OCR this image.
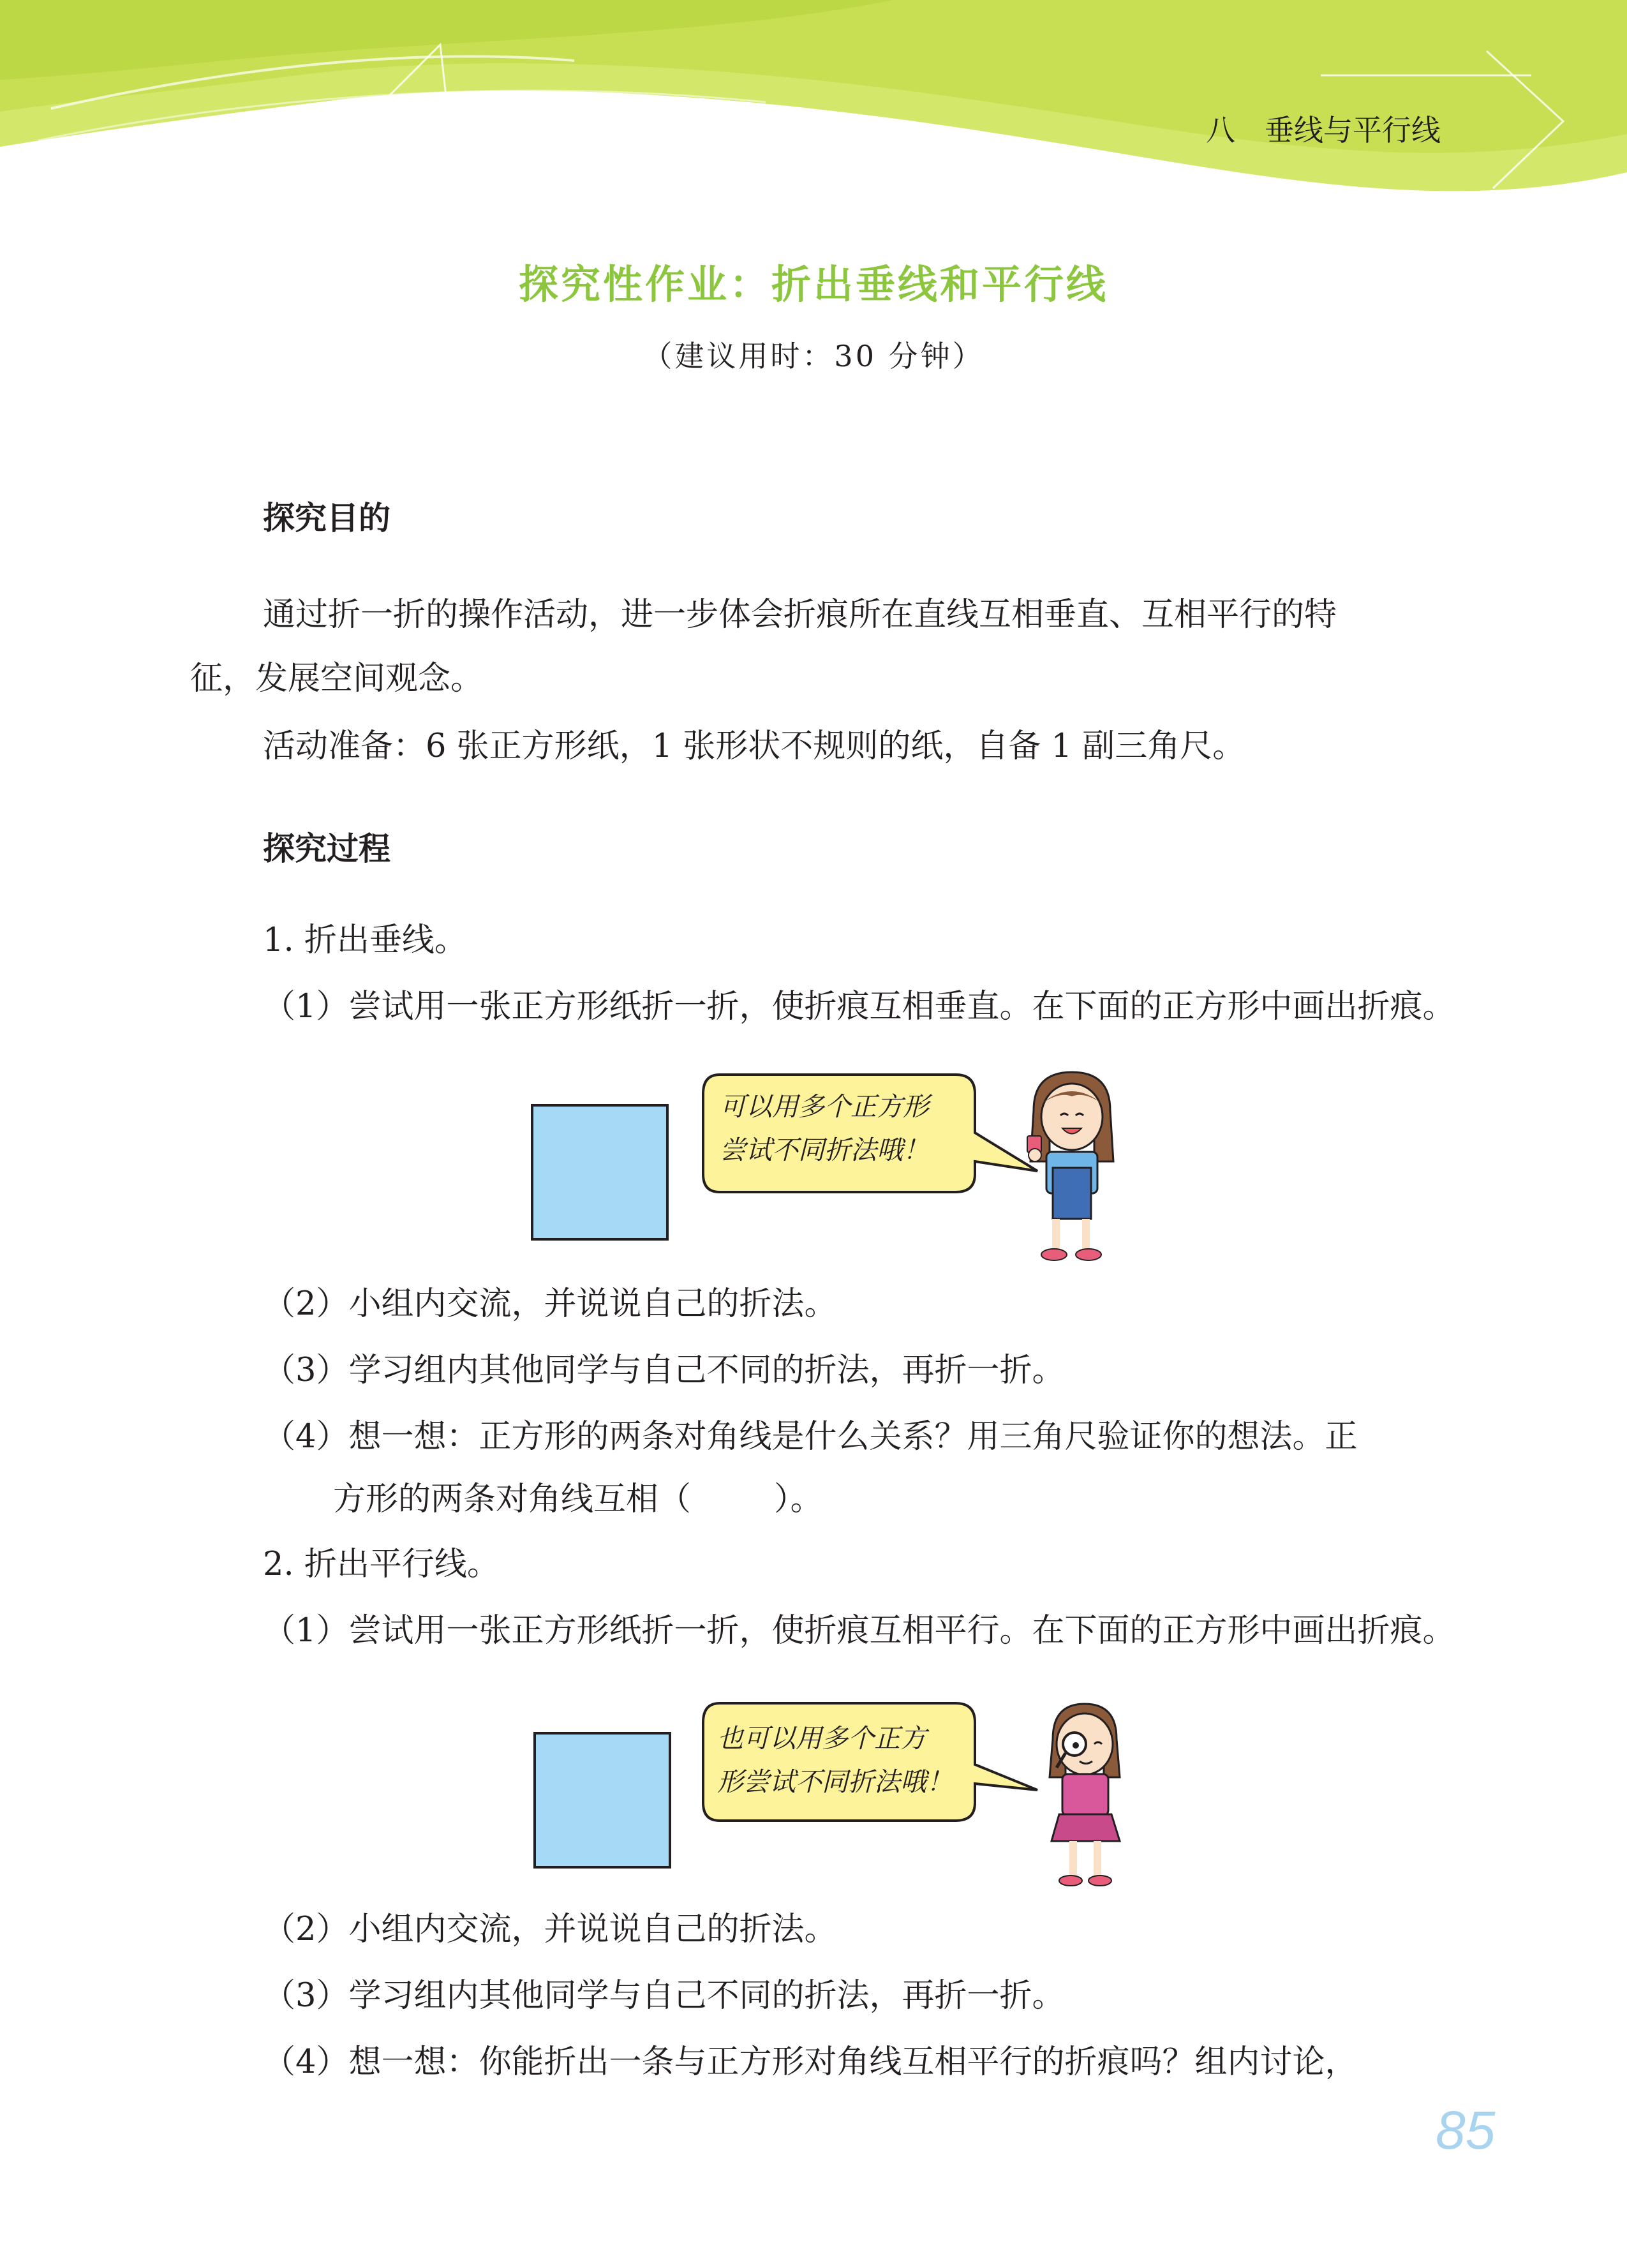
八　垂线与平行线
探究性作业：折出垂线和平行线
（建议用时：30 分钟）
探究目的
通过折一折的操作活动，进一步体会折痕所在直线互相垂直、互相平行的特
征，发展空间观念。
活动准备：6 张正方形纸，1 张形状不规则的纸，自备 1 副三角尺。
探究过程
1. 折出垂线。
（1）尝试用一张正方形纸折一折，使折痕互相垂直。在下面的正方形中画出折痕。
可以用多个正方形
尝试不同折法哦！
（2）小组内交流，并说说自己的折法。
（3）学习组内其他同学与自己不同的折法，再折一折。
（4）想一想：正方形的两条对角线是什么关系？用三角尺验证你的想法。正
方形的两条对角线互相（	）。
2. 折出平行线。
（1）尝试用一张正方形纸折一折，使折痕互相平行。在下面的正方形中画出折痕。
也可以用多个正方
形尝试不同折法哦！
（2）小组内交流，并说说自己的折法。
（3）学习组内其他同学与自己不同的折法，再折一折。
（4）想一想：你能折出一条与正方形对角线互相平行的折痕吗？组内讨论，
85
